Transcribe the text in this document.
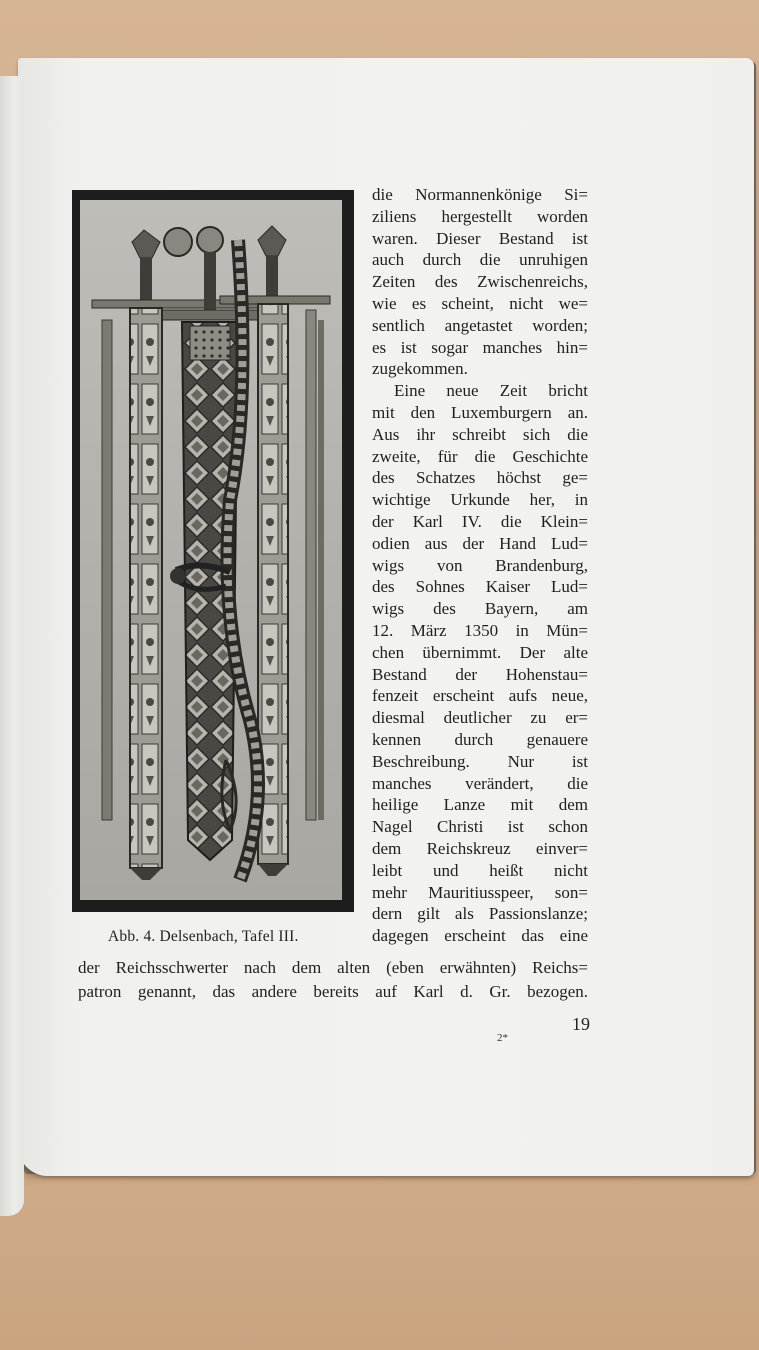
Abb. 4. Delsenbach, Tafel III.
die Normannenkönige Si=
ziliens hergestellt worden
waren. Dieser Bestand ist
auch durch die unruhigen
Zeiten des Zwischenreichs,
wie es scheint, nicht we=
sentlich angetastet worden;
es ist sogar manches hin=
zugekommen.
Eine neue Zeit bricht
mit den Luxemburgern an.
Aus ihr schreibt sich die
zweite, für die Geschichte
des Schatzes höchst ge=
wichtige Urkunde her, in
der Karl IV. die Klein=
odien aus der Hand Lud=
wigs von Brandenburg,
des Sohnes Kaiser Lud=
wigs des Bayern, am
12. März 1350 in Mün=
chen übernimmt. Der alte
Bestand der Hohenstau=
fenzeit erscheint aufs neue,
diesmal deutlicher zu er=
kennen durch genauere
Beschreibung. Nur ist
manches verändert, die
heilige Lanze mit dem
Nagel Christi ist schon
dem Reichskreuz einver=
leibt und heißt nicht
mehr Mauritiusspeer, son=
dern gilt als Passionslanze;
dagegen erscheint das eine
der Reichsschwerter nach dem alten (eben erwähnten) Reichs=
patron genannt, das andere bereits auf Karl d. Gr. bezogen.
2*
19
